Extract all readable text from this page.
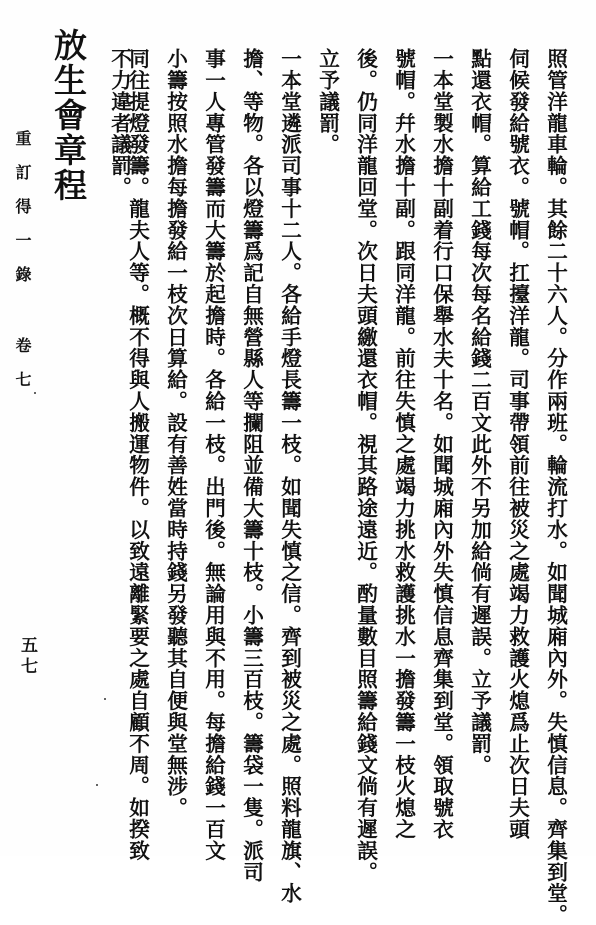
照管洋龍車輪。其餘二十六人。分作兩班。輪流打水。如聞城廂內外。失慎信息。齊集到堂。
伺候發給號衣。號帽。扛擡洋龍。司事帶領前往被災之處竭力救護火熄爲止次日夫頭
點還衣帽。算給工錢每次每名給錢二百文此外不另加給倘有遲誤。立予議罰。
一本堂製水擔十副着行口保舉水夫十名。如聞城廂內外失慎信息齊集到堂。領取號衣
號帽。幷水擔十副。跟同洋龍。前往失慎之處竭力挑水救護挑水一擔發籌一枝火熄之
後。仍同洋龍回堂。次日夫頭繳還衣帽。視其路途遠近。酌量數目照籌給錢文倘有遲誤。
立予議罰。
一本堂遴派司事十二人。各給手燈長籌一枝。如聞失慎之信。齊到被災之處。照料龍旗、水
擔、等物。各以燈籌爲記自無營縣人等攔阻並備大籌十枝。小籌三百枝。籌袋一隻。派司
事一人專管發籌而大籌於起擔時。各給一枝。出門後。無論用與不用。每擔給錢一百文
小籌按照水擔每擔發給一枝次日算給。設有善姓當時持錢另發聽其自便與堂無涉。
同往提燈發籌。龍夫人等。概不得與人搬運物件。以致遠離緊要之處自顧不周。如揆致
不力違者議罰。
放生會章程
重訂得一錄 卷七
五七
